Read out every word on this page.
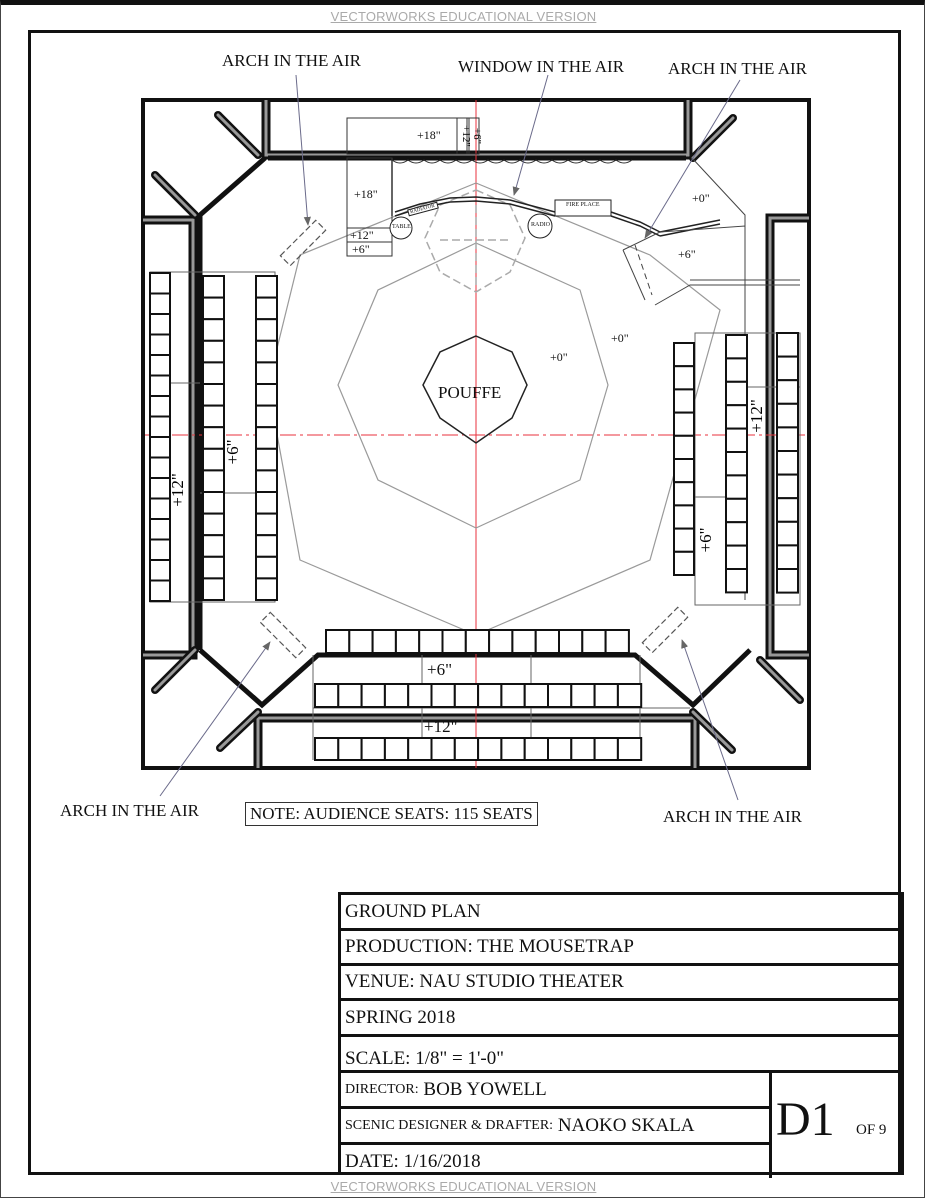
VECTORWORKS EDUCATIONAL VERSION
VECTORWORKS EDUCATIONAL VERSION
+12"
+6"
+12"
+6"
+12" +6"
ARCH IN THE AIR	WINDOW IN THE AIR	ARCH IN THE AIR
ARCH IN THE AIR	ARCH IN THE AIR
POUFFE
+0"
+0"
+18"
+18"
+12"
+6"
+0"
+6"
TABLE
RADIATOR
RADIO
FIRE PLACE
+6"
+12"
NOTE: AUDIENCE SEATS: 115 SEATS
GROUND PLAN
PRODUCTION: THE MOUSETRAP
VENUE: NAU STUDIO THEATER
SPRING 2018
SCALE: 1/8" = 1'-0"
DIRECTOR:
BOB YOWELL
SCENIC DESIGNER & DRAFTER:
NAOKO SKALA
DATE: 1/16/2018
D1 OF 9
